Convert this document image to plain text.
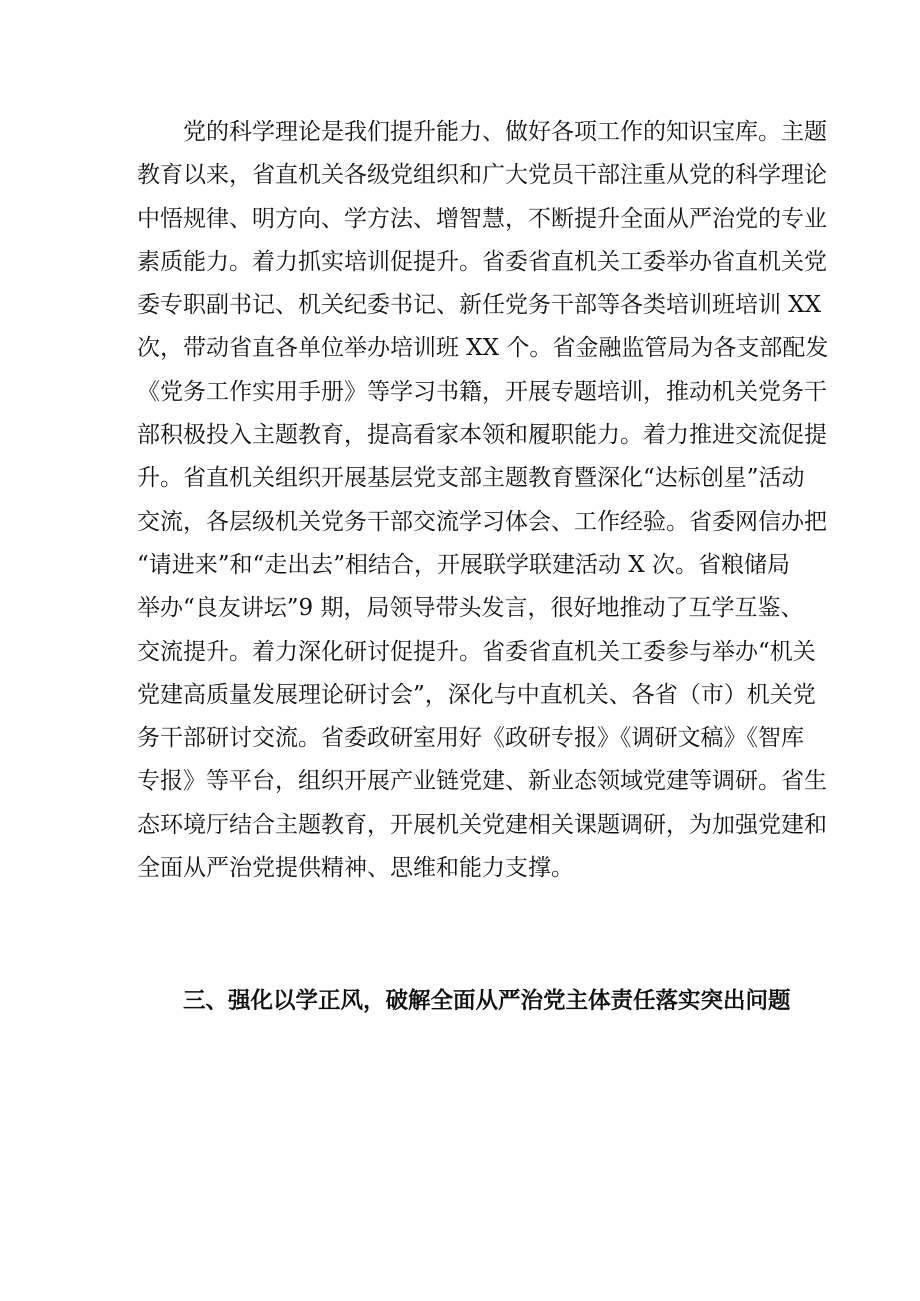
党的科学理论是我们提升能力、做好各项工作的知识宝库。主题
教育以来，省直机关各级党组织和广大党员干部注重从党的科学理论
中悟规律、明方向、学方法、增智慧，不断提升全面从严治党的专业
素质能力。着力抓实培训促提升。省委省直机关工委举办省直机关党
委专职副书记、机关纪委书记、新任党务干部等各类培训班培训 XX
次，带动省直各单位举办培训班 XX 个。省金融监管局为各支部配发
《党务工作实用手册》等学习书籍，开展专题培训，推动机关党务干
部积极投入主题教育，提高看家本领和履职能力。着力推进交流促提
升。省直机关组织开展基层党支部主题教育暨深化“达标创星”活动
交流，各层级机关党务干部交流学习体会、工作经验。省委网信办把
“请进来”和“走出去”相结合，开展联学联建活动 X 次。省粮储局
举办“良友讲坛”9 期，局领导带头发言，很好地推动了互学互鉴、
交流提升。着力深化研讨促提升。省委省直机关工委参与举办“机关
党建高质量发展理论研讨会”，深化与中直机关、各省（市）机关党
务干部研讨交流。省委政研室用好《政研专报》《调研文稿》《智库
专报》等平台，组织开展产业链党建、新业态领域党建等调研。省生
态环境厅结合主题教育，开展机关党建相关课题调研，为加强党建和
全面从严治党提供精神、思维和能力支撑。
三、强化以学正风，破解全面从严治党主体责任落实突出问题
